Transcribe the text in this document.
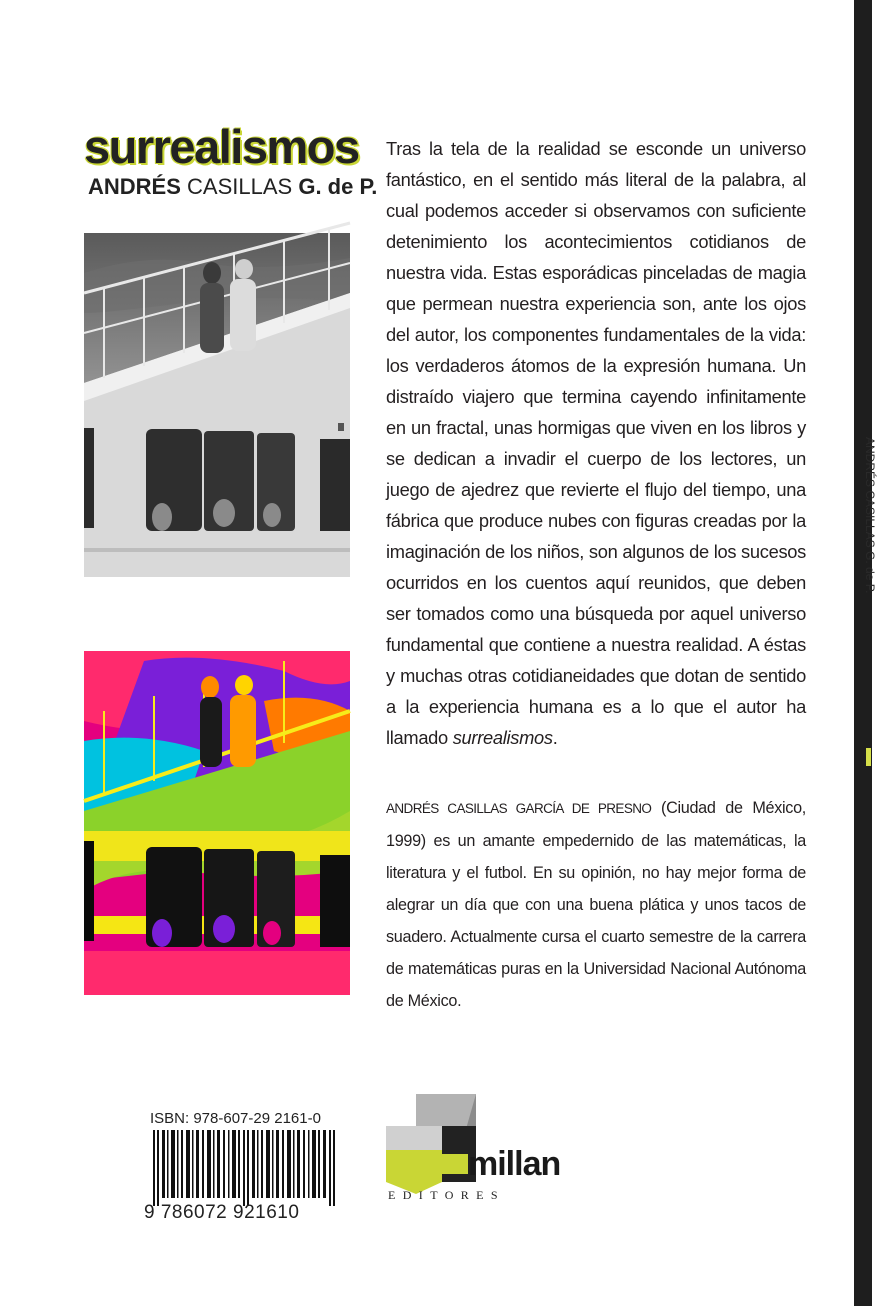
ANDRÉS CASILLAS G. de P.
surrealismos
ANDRÉS CASILLAS G. de P.
Tras la tela de la realidad se esconde un universo fantástico, en el sentido más literal de la palabra, al cual podemos acceder si observamos con suficiente detenimiento los acontecimientos cotidianos de nuestra vida. Estas esporádicas pinceladas de magia que permean nuestra experiencia son, ante los ojos del autor, los componentes fundamentales de la vida: los verdaderos átomos de la expresión humana. Un distraído viajero que termina cayendo infinitamente en un fractal, unas hormigas que viven en los libros y se dedican a invadir el cuerpo de los lectores, un juego de ajedrez que revierte el flujo del tiempo, una fábrica que produce nubes con figuras creadas por la imaginación de los niños, son algunos de los sucesos ocurridos en los cuentos aquí reunidos, que deben ser tomados como una búsqueda por aquel universo fundamental que contiene a nuestra realidad. A éstas y muchas otras cotidianeidades que dotan de sentido a la experiencia humana es a lo que el autor ha llamado surrealismos.
ANDRÉS CASILLAS GARCÍA DE PRESNO (Ciudad de México, 1999) es un amante empedernido de las matemáticas, la literatura y el futbol. En su opinión, no hay mejor forma de alegrar un día que con una buena plática y unos tacos de suadero. Actualmente cursa el cuarto semestre de la carrera de matemáticas puras en la Universidad Nacional Autónoma de México.
ISBN: 978-607-29 2161-0
9 786072 921610
millan
EDITORES
